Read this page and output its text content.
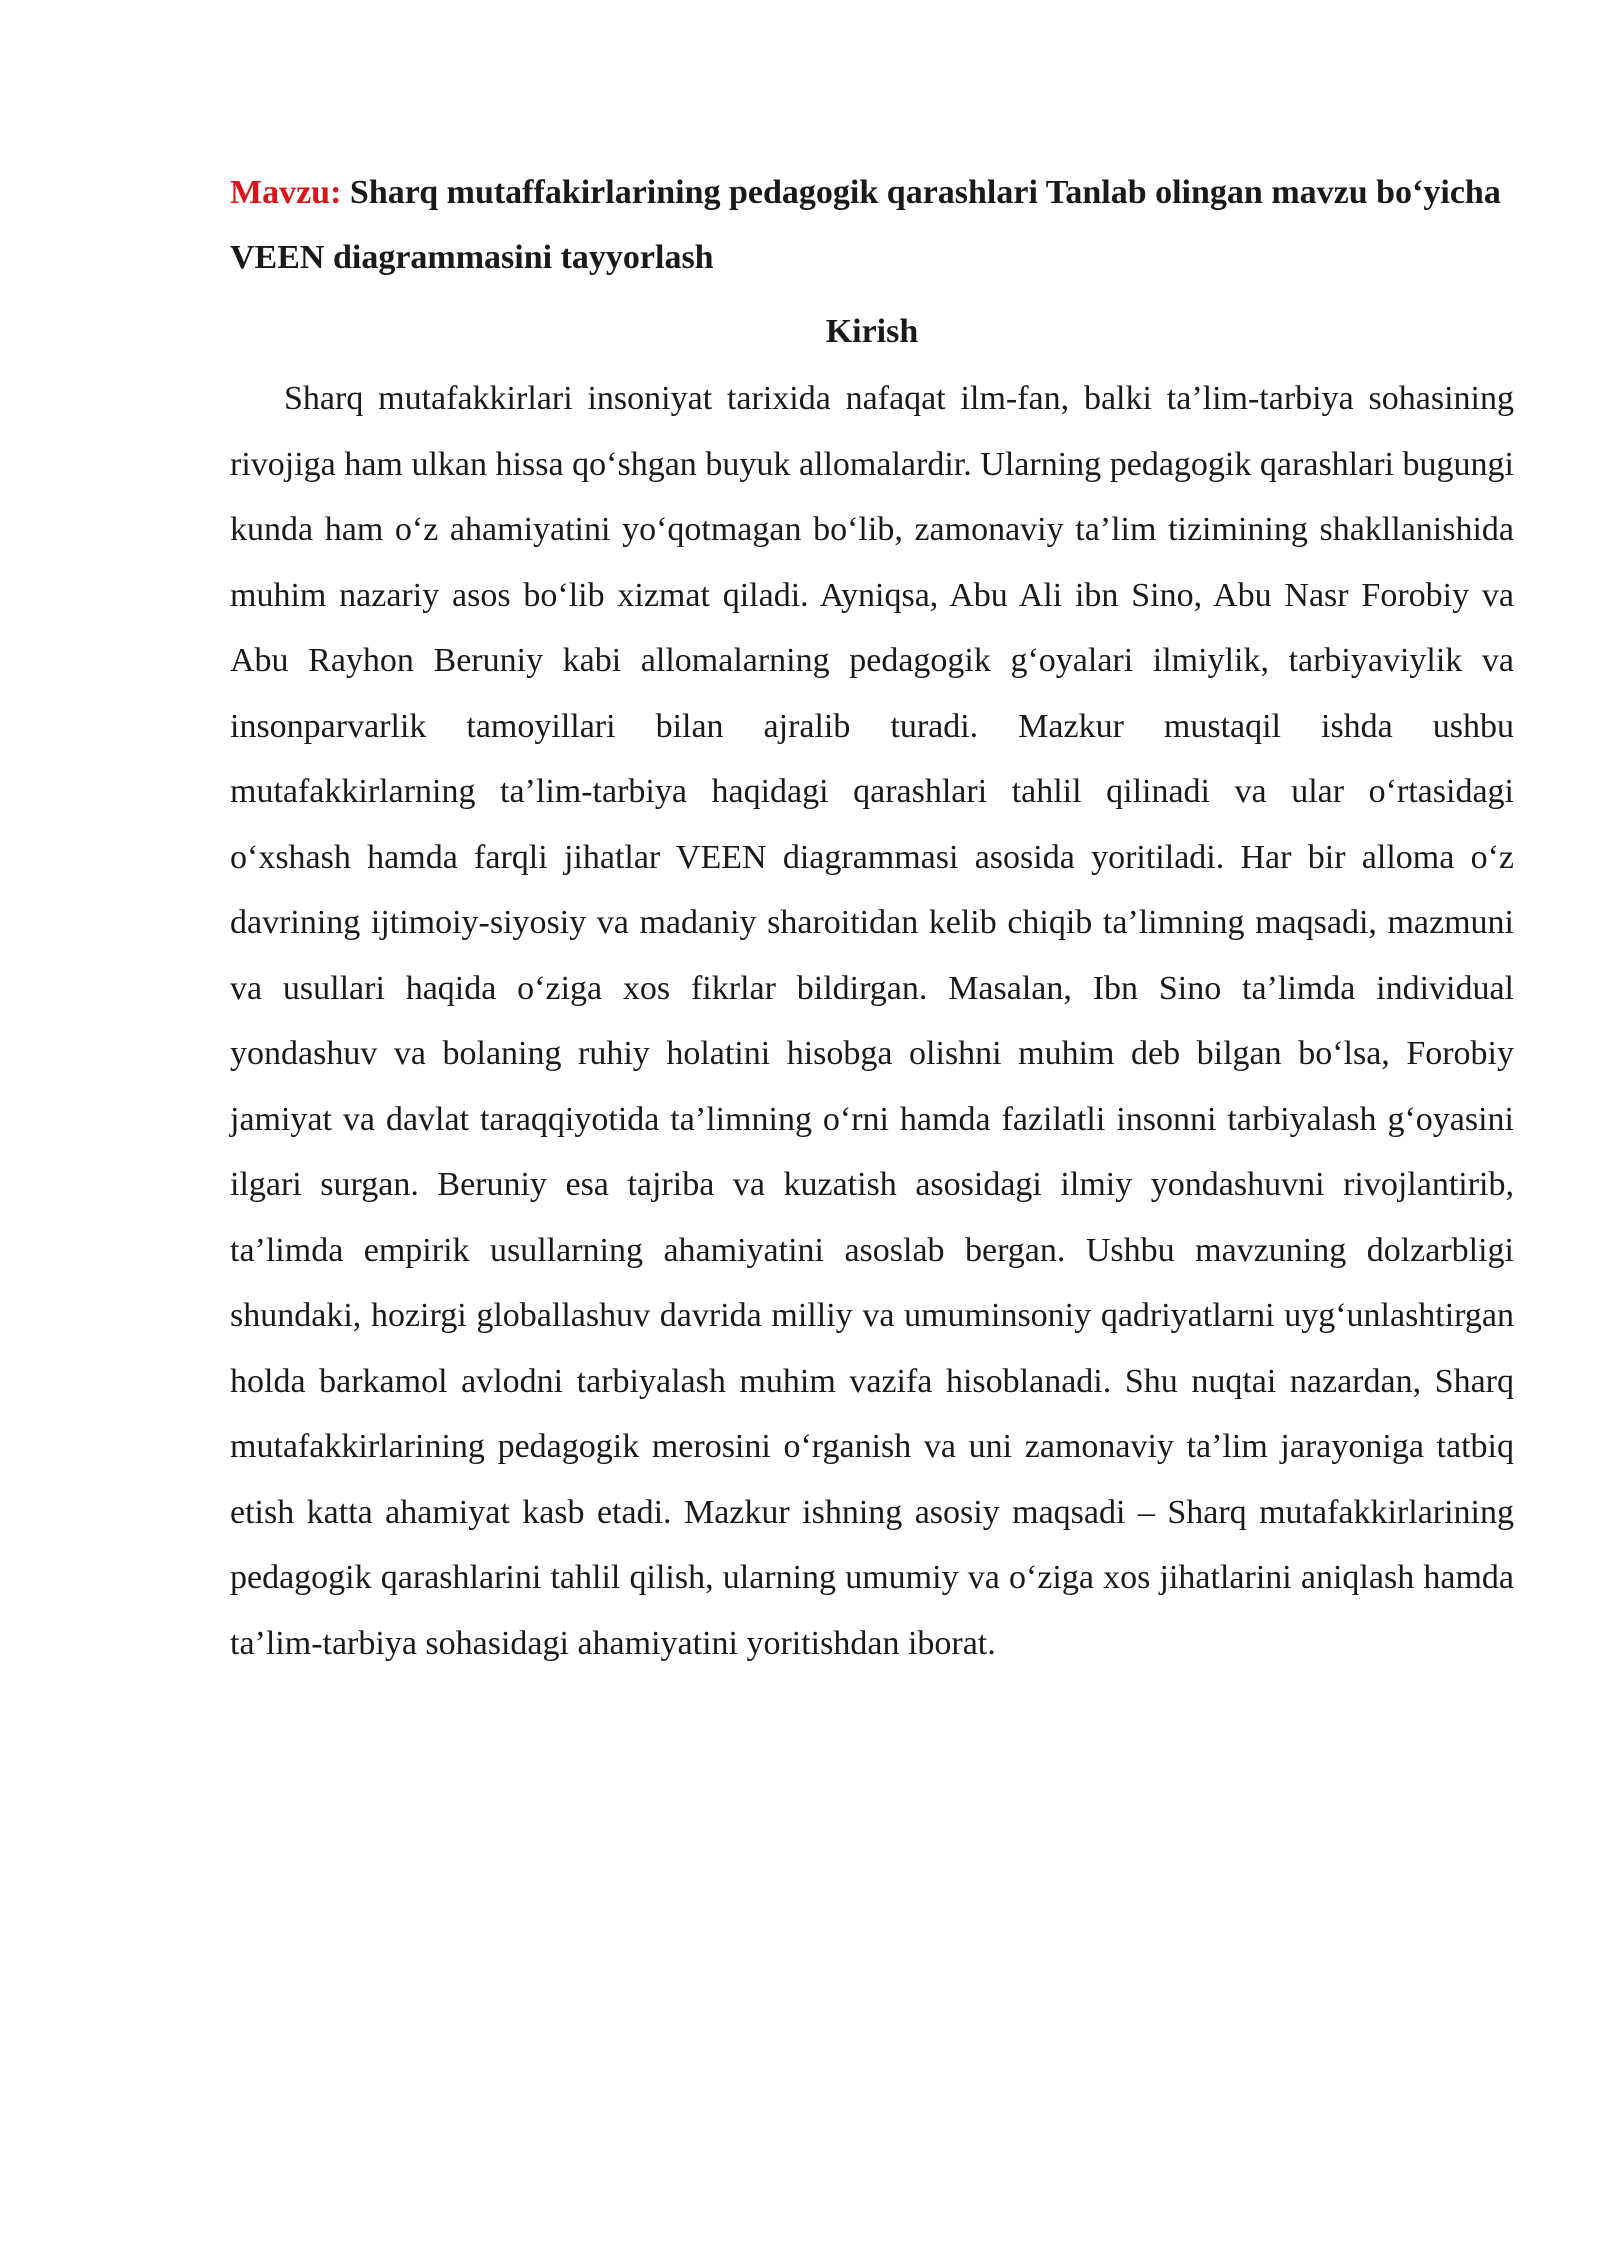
Mavzu: Sharq mutaffakirlarining pedagogik qarashlari Tanlab olingan mavzu bo‘yicha VEEN diagrammasini tayyorlash

Kirish

Sharq mutafakkirlari insoniyat tarixida nafaqat ilm-fan, balki ta’lim-tarbiya sohasining rivojiga ham ulkan hissa qo‘shgan buyuk allomalardir. Ularning pedagogik qarashlari bugungi kunda ham o‘z ahamiyatini yo‘qotmagan bo‘lib, zamonaviy ta’lim tizimining shakllanishida muhim nazariy asos bo‘lib xizmat qiladi. Ayniqsa, Abu Ali ibn Sino, Abu Nasr Forobiy va Abu Rayhon Beruniy kabi allomalarning pedagogik g‘oyalari ilmiylik, tarbiyaviylik va insonparvarlik tamoyillari bilan ajralib turadi. Mazkur mustaqil ishda ushbu mutafakkirlarning ta’lim-tarbiya haqidagi qarashlari tahlil qilinadi va ular o‘rtasidagi o‘xshash hamda farqli jihatlar VEEN diagrammasi asosida yoritiladi. Har bir alloma o‘z davrining ijtimoiy-siyosiy va madaniy sharoitidan kelib chiqib ta’limning maqsadi, mazmuni va usullari haqida o‘ziga xos fikrlar bildirgan. Masalan, Ibn Sino ta’limda individual yondashuv va bolaning ruhiy holatini hisobga olishni muhim deb bilgan bo‘lsa, Forobiy jamiyat va davlat taraqqiyotida ta’limning o‘rni hamda fazilatli insonni tarbiyalash g‘oyasini ilgari surgan. Beruniy esa tajriba va kuzatish asosidagi ilmiy yondashuvni rivojlantirib, ta’limda empirik usullarning ahamiyatini asoslab bergan. Ushbu mavzuning dolzarbligi shundaki, hozirgi globallashuv davrida milliy va umuminsoniy qadriyatlarni uyg‘unlashtirgan holda barkamol avlodni tarbiyalash muhim vazifa hisoblanadi. Shu nuqtai nazardan, Sharq mutafakkirlarining pedagogik merosini o‘rganish va uni zamonaviy ta’lim jarayoniga tatbiq etish katta ahamiyat kasb etadi. Mazkur ishning asosiy maqsadi – Sharq mutafakkirlarining pedagogik qarashlarini tahlil qilish, ularning umumiy va o‘ziga xos jihatlarini aniqlash hamda ta’lim-tarbiya sohasidagi ahamiyatini yoritishdan iborat.
